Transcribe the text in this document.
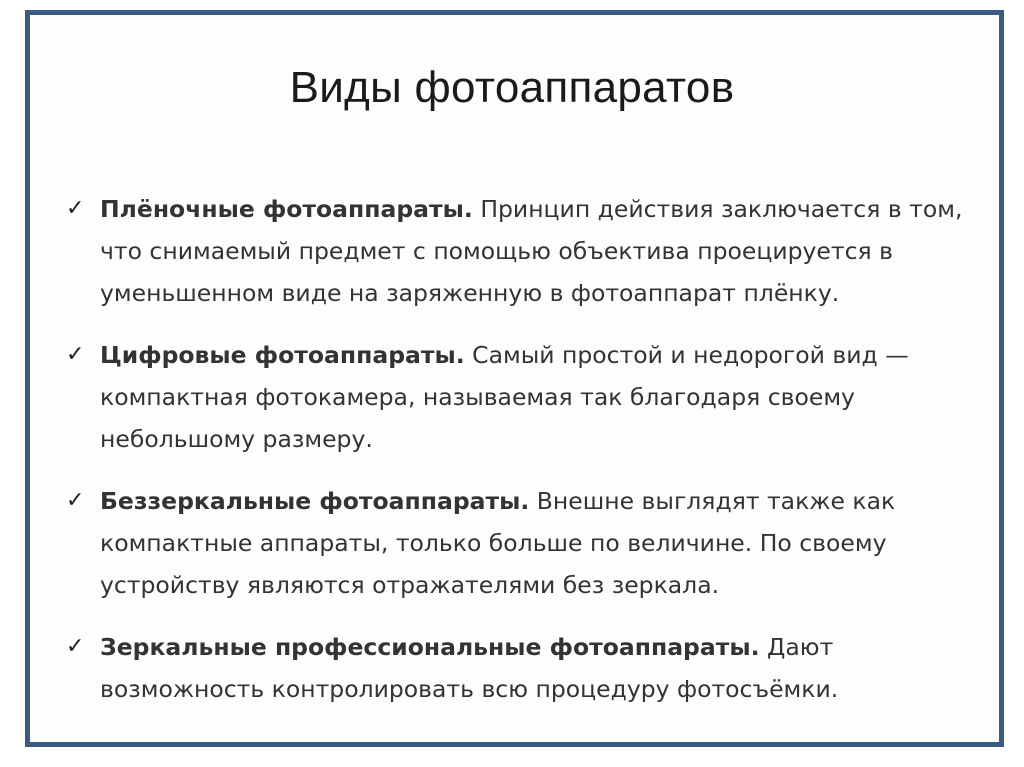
Виды фотоаппаратов
✓ Плёночные фотоаппараты. Принцип действия заключается в том, что снимаемый предмет с помощью объектива проецируется в уменьшенном виде на заряженную в фотоаппарат плёнку.
✓ Цифровые фотоаппараты. Самый простой и недорогой вид — компактная фотокамера, называемая так благодаря своему небольшому размеру.
✓ Беззеркальные фотоаппараты. Внешне выглядят также как компактные аппараты, только больше по величине. По своему устройству являются отражателями без зеркала.
✓ Зеркальные профессиональные фотоаппараты. Дают возможность контролировать всю процедуру фотосъёмки.
